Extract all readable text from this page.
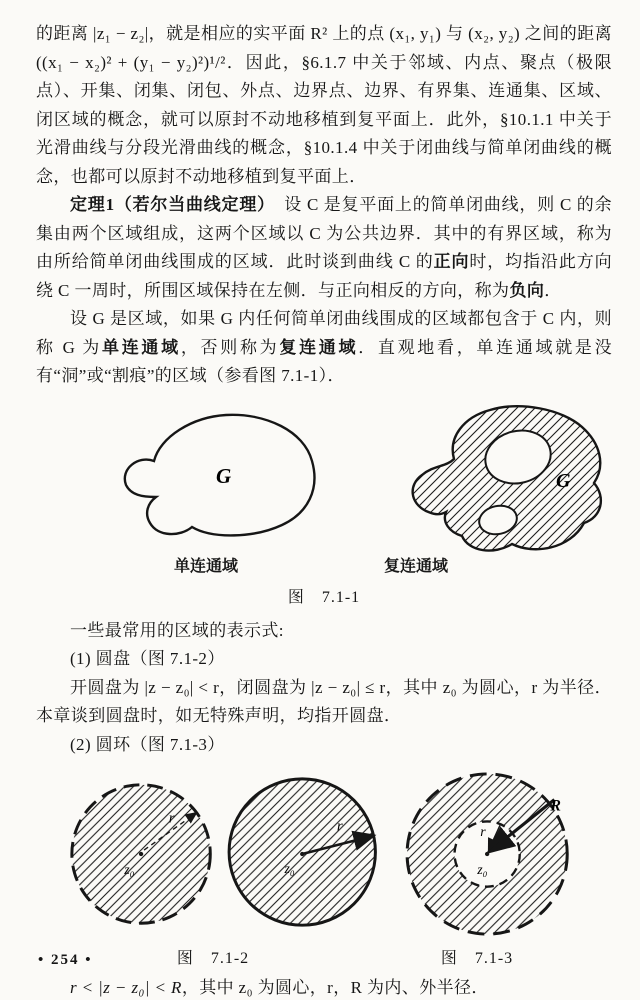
的距离 |z₁ − z₂|，就是相应的实平面 R² 上的点 (x₁, y₁) 与 (x₂, y₂) 之间的距离 ((x₁ − x₂)² + (y₁ − y₂)²)¹/²．因此，§6.1.7 中关于邻域、内点、聚点（极限点）、开集、闭集、闭包、外点、边界点、边界、有界集、连通集、区域、闭区域的概念，就可以原封不动地移植到复平面上．此外，§10.1.1 中关于光滑曲线与分段光滑曲线的概念，§10.1.4 中关于闭曲线与简单闭曲线的概念，也都可以原封不动地移植到复平面上．

定理1（若尔当曲线定理）　设 C 是复平面上的简单闭曲线，则 C 的余集由两个区域组成，这两个区域以 C 为公共边界．其中的有界区域，称为由所给简单闭曲线围成的区域．此时谈到曲线 C 的正向时，均指沿此方向绕 C 一周时，所围区域保持在左侧．与正向相反的方向，称为负向．

设 G 是区域，如果 G 内任何简单闭曲线围成的区域都包含于 C 内，则称 G 为单连通域，否则称为复连通域．直观地看，单连通域就是没有“洞”或“割痕”的区域（参看图 7.1-1）．

G	G
单连通域	复连通域
图　7.1-1

一些最常用的区域的表示式:

(1) 圆盘（图 7.1-2）

开圆盘为 |z − z₀| < r，闭圆盘为 |z − z₀| ≤ r，其中 z₀ 为圆心，r 为半径．本章谈到圆盘时，如无特殊声明，均指开圆盘．

(2) 圆环（图 7.1-3）

r
z₀
r
z₀
R
r
z₀
图　7.1-2	图　7.1-3

r < |z − z₀| < R，其中 z₀ 为圆心，r，R 为内、外半径．

• 254 •
